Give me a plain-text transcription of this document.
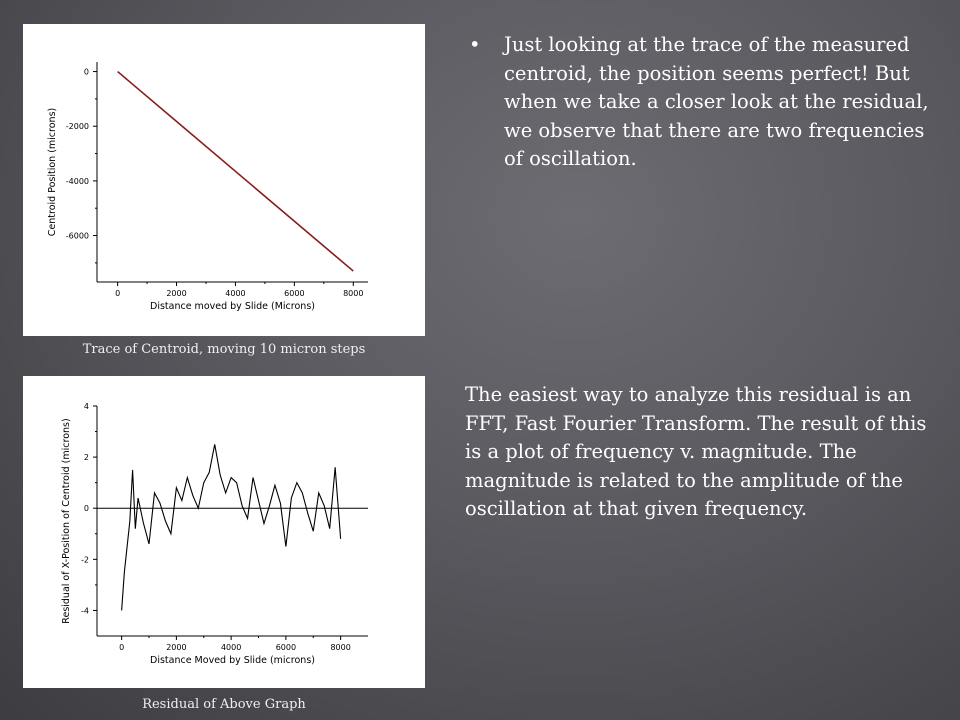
0	2000	4000	6000	8000
0
-2000
-4000
-6000
Distance moved by Slide (Microns)
Centroid Position (microns)
Trace of Centroid, moving 10 micron steps
0	2000	4000	6000	8000
4
2
0
-2
-4
Distance Moved by Slide (microns)
Residual of X-Position of Centroid (microns)
Residual of Above Graph
• Just looking at the trace of the measured centroid, the position seems perfect! But when we take a closer look at the residual, we observe that there are two frequencies of oscillation.
The easiest way to analyze this residual is an FFT, Fast Fourier Transform. The result of this is a plot of frequency v. magnitude. The magnitude is related to the amplitude of the oscillation at that given frequency.
